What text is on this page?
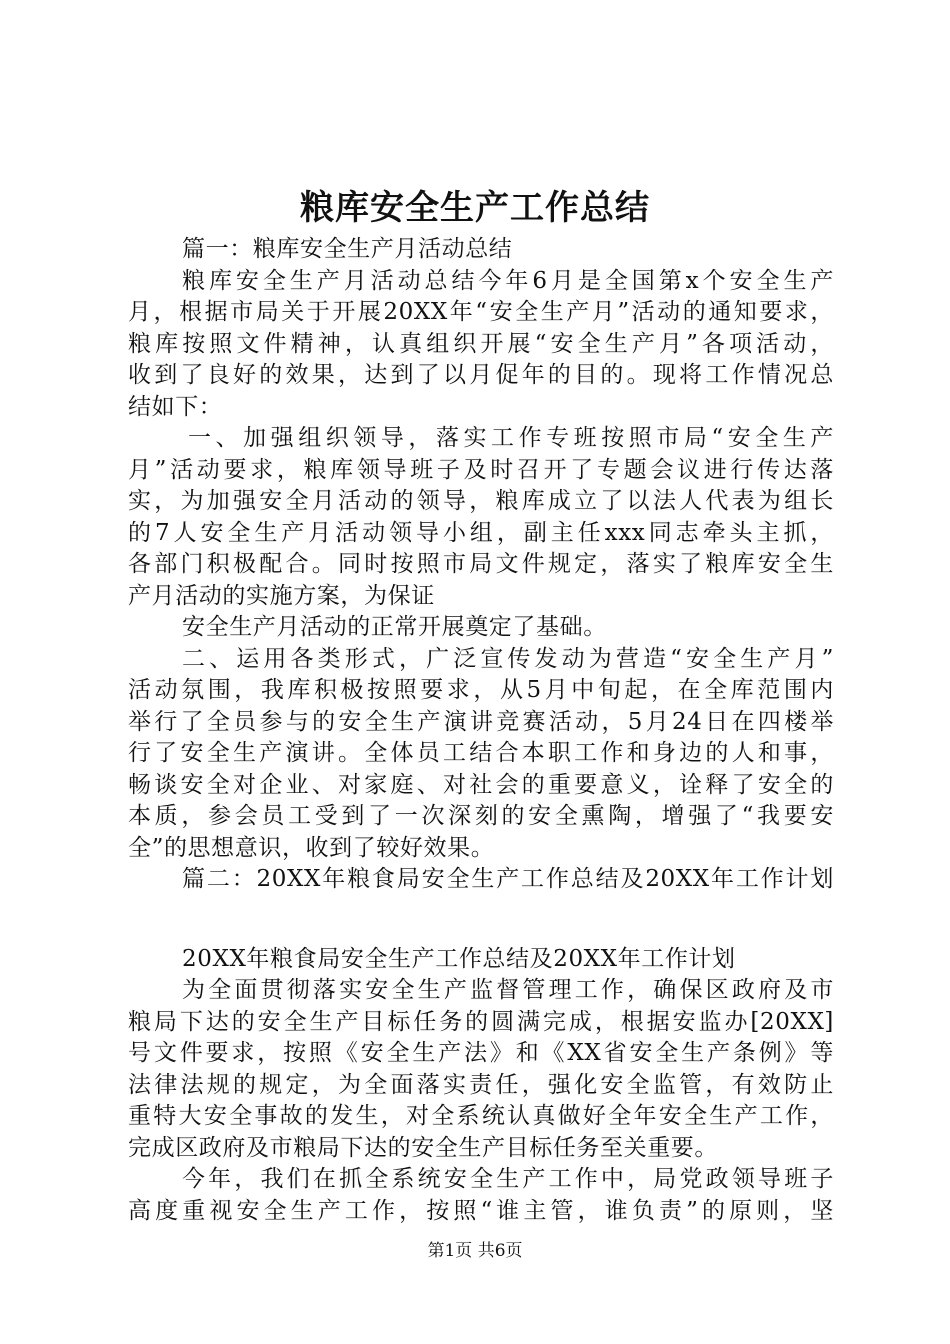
粮库安全生产工作总结
篇一：粮库安全生产月活动总结
粮库安全生产月活动总结今年6月是全国第x个安全生产
月，根据市局关于开展20XX年“安全生产月”活动的通知要求，
粮库按照文件精神，认真组织开展“安全生产月”各项活动，
收到了良好的效果，达到了以月促年的目的。现将工作情况总
结如下：
一、加强组织领导，落实工作专班按照市局“安全生产
月”活动要求，粮库领导班子及时召开了专题会议进行传达落
实，为加强安全月活动的领导，粮库成立了以法人代表为组长
的7人安全生产月活动领导小组，副主任xxx同志牵头主抓，
各部门积极配合。同时按照市局文件规定，落实了粮库安全生
产月活动的实施方案，为保证
安全生产月活动的正常开展奠定了基础。
二、运用各类形式，广泛宣传发动为营造“安全生产月”
活动氛围，我库积极按照要求，从5月中旬起，在全库范围内
举行了全员参与的安全生产演讲竞赛活动，5月24日在四楼举
行了安全生产演讲。全体员工结合本职工作和身边的人和事，
畅谈安全对企业、对家庭、对社会的重要意义，诠释了安全的
本质，参会员工受到了一次深刻的安全熏陶，增强了“我要安
全”的思想意识，收到了较好效果。
篇二：20XX年粮食局安全生产工作总结及20XX年工作计划
20XX年粮食局安全生产工作总结及20XX年工作计划
为全面贯彻落实安全生产监督管理工作，确保区政府及市
粮局下达的安全生产目标任务的圆满完成，根据安监办[20XX]
号文件要求，按照《安全生产法》和《XX省安全生产条例》等
法律法规的规定，为全面落实责任，强化安全监管，有效防止
重特大安全事故的发生，对全系统认真做好全年安全生产工作，
完成区政府及市粮局下达的安全生产目标任务至关重要。
今年，我们在抓全系统安全生产工作中，局党政领导班子
高度重视安全生产工作，按照“谁主管，谁负责”的原则，坚
第1页 共6页
